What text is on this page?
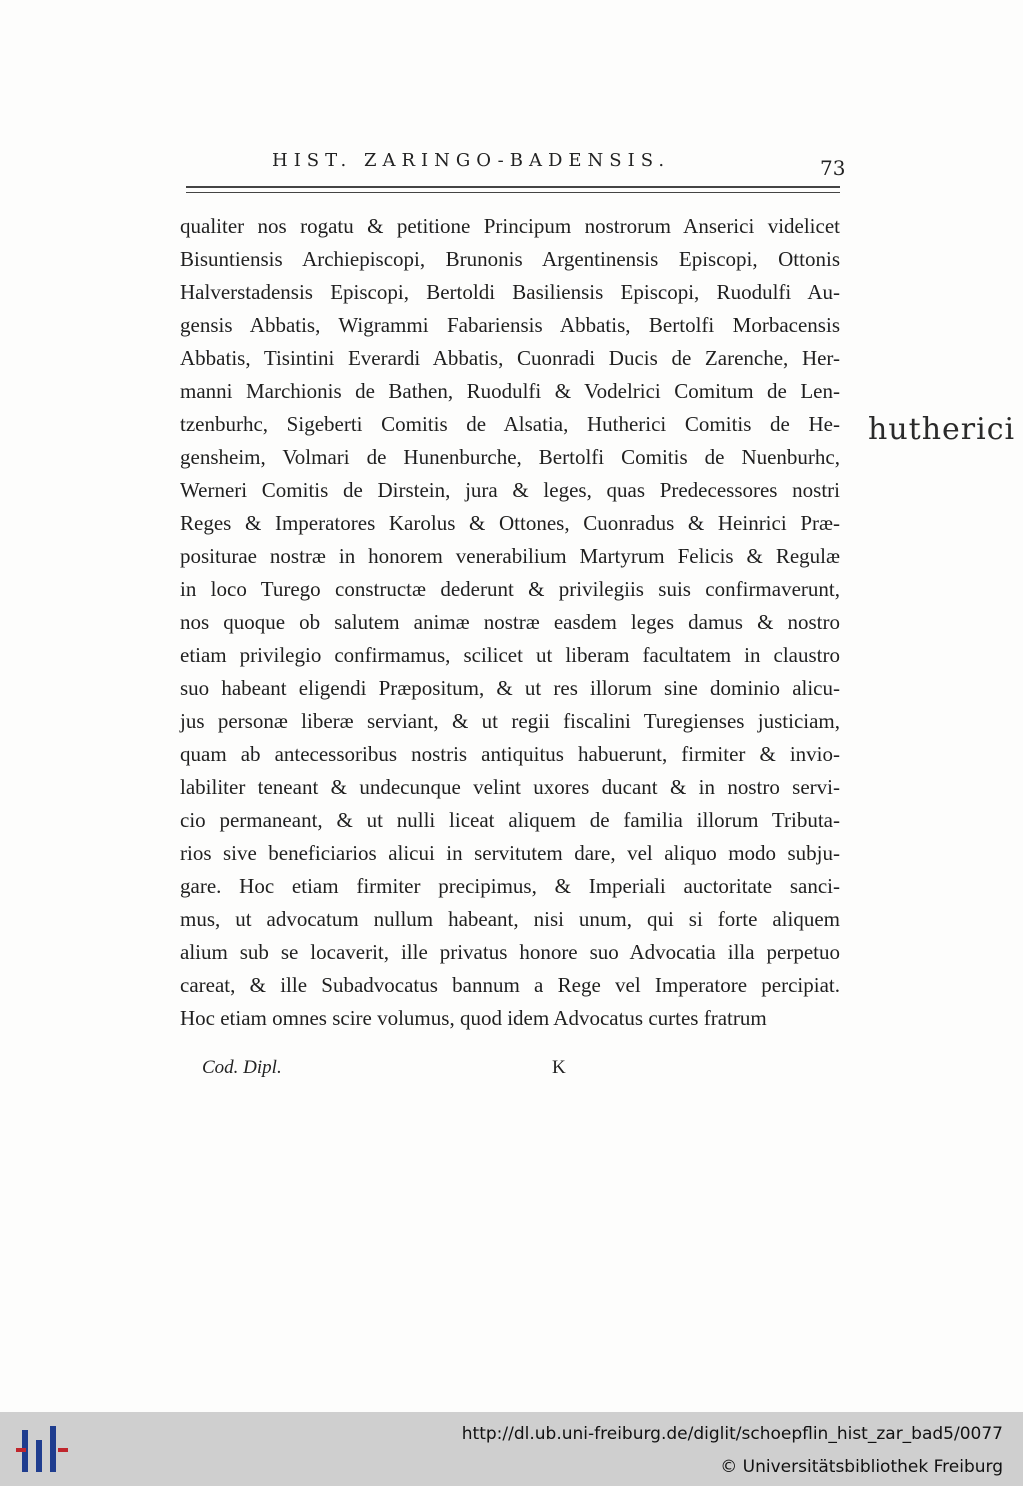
HIST. ZARINGO-BADENSIS.	73
qualiter nos rogatu & petitione Principum nostrorum Anserici videlicet
Bisuntiensis Archiepiscopi, Brunonis Argentinensis Episcopi, Ottonis
Halverstadensis Episcopi, Bertoldi Basiliensis Episcopi, Ruodulfi Au-
gensis Abbatis, Wigrammi Fabariensis Abbatis, Bertolfi Morbacensis
Abbatis, Tisintini Everardi Abbatis, Cuonradi Ducis de Zarenche, Her-
manni Marchionis de Bathen, Ruodulfi & Vodelrici Comitum de Len-
tzenburhc, Sigeberti Comitis de Alsatia, Hutherici Comitis de He-
gensheim, Volmari de Hunenburche, Bertolfi Comitis de Nuenburhc,
Werneri Comitis de Dirstein, jura & leges, quas Predecessores nostri
Reges & Imperatores Karolus & Ottones, Cuonradus & Heinrici Præ-
positurae nostræ in honorem venerabilium Martyrum Felicis & Regulæ
in loco Turego constructæ dederunt & privilegiis suis confirmaverunt,
nos quoque ob salutem animæ nostræ easdem leges damus & nostro
etiam privilegio confirmamus, scilicet ut liberam facultatem in claustro
suo habeant eligendi Præpositum, & ut res illorum sine dominio alicu-
jus personæ liberæ serviant, & ut regii fiscalini Turegienses justiciam,
quam ab antecessoribus nostris antiquitus habuerunt, firmiter & invio-
labiliter teneant & undecunque velint uxores ducant & in nostro servi-
cio permaneant, & ut nulli liceat aliquem de familia illorum Tributa-
rios sive beneficiarios alicui in servitutem dare, vel aliquo modo subju-
gare. Hoc etiam firmiter precipimus, & Imperiali auctoritate sanci-
mus, ut advocatum nullum habeant, nisi unum, qui si forte aliquem
alium sub se locaverit, ille privatus honore suo Advocatia illa perpetuo
careat, & ille Subadvocatus bannum a Rege vel Imperatore percipiat.
Hoc etiam omnes scire volumus, quod idem Advocatus curtes fratrum
Cod. Dipl.	K
hutherici
http://dl.ub.uni-freiburg.de/diglit/schoepflin_hist_zar_bad5/0077
© Universitätsbibliothek Freiburg
